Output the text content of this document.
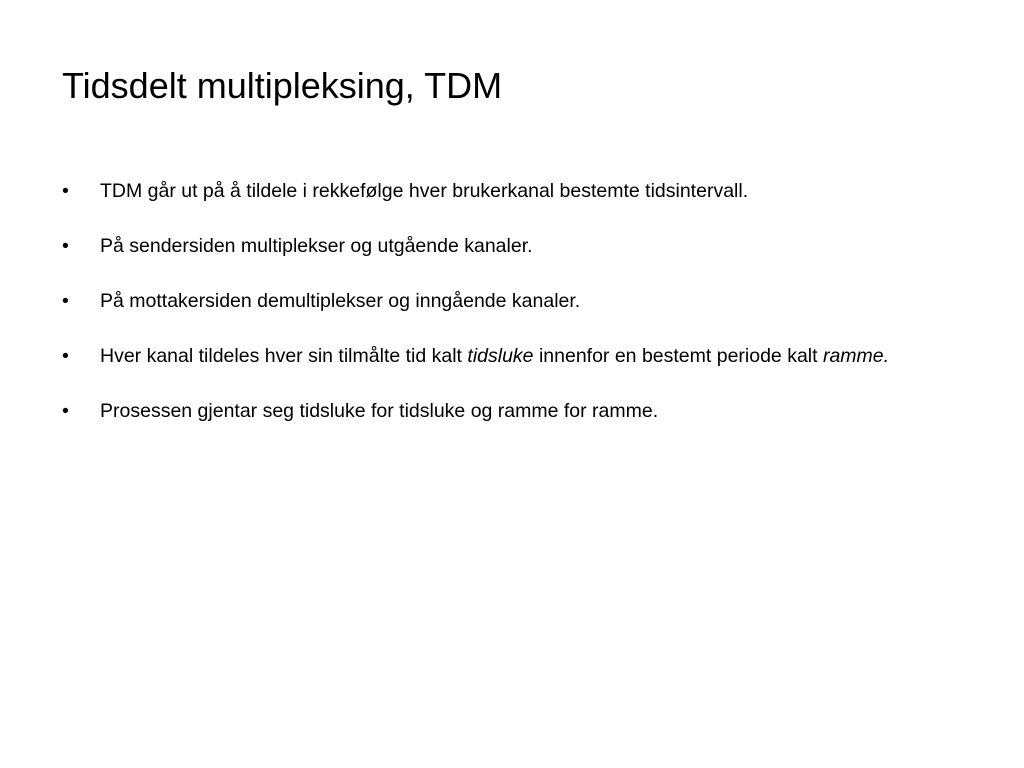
Tidsdelt multipleksing, TDM
•	TDM går ut på å tildele i rekkefølge hver brukerkanal bestemte tidsintervall.
•	På sendersiden multiplekser og utgående kanaler.
•	På mottakersiden demultiplekser og inngående kanaler.
•	Hver kanal tildeles hver sin tilmålte tid kalt tidsluke innenfor en bestemt periode kalt ramme.
•	Prosessen gjentar seg tidsluke for tidsluke og ramme for ramme.
